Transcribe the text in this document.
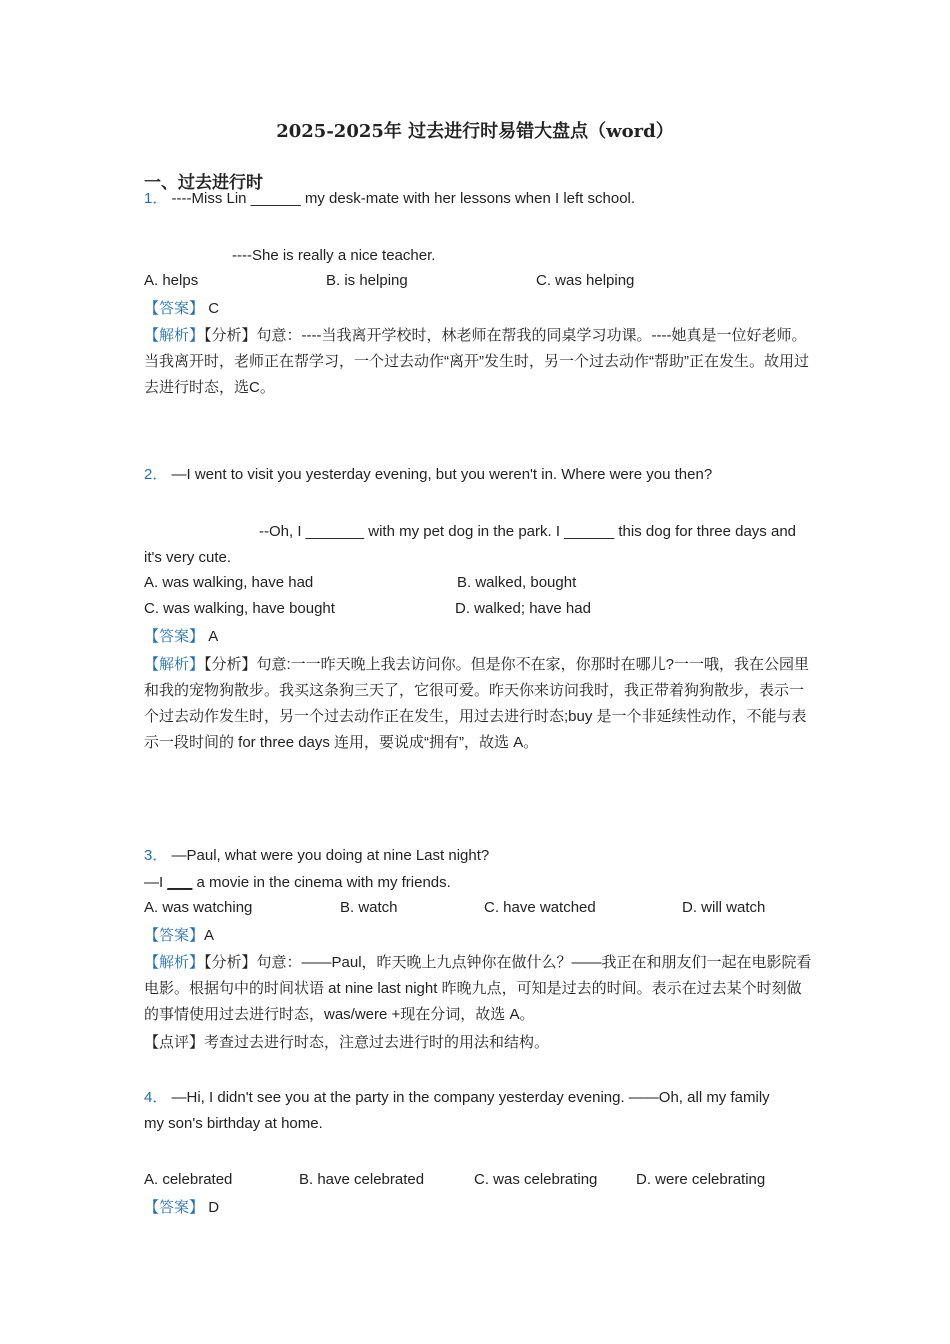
2025-2025年 过去进行时易错大盘点（word）
一、过去进行时
1． ----Miss Lin ______ my desk-mate with her lessons when I left school.
----She is really a nice teacher.
A. helps	B. is helping	C. was helping
【答案】 C
【解析】【分析】句意：----当我离开学校时，林老师在帮我的同桌学习功课。----她真是一位好老师。当我离开时，老师正在帮学习，一个过去动作“离开”发生时，另一个过去动作“帮助”正在发生。故用过去进行时态，选C。
2． —I went to visit you yesterday evening, but you weren't in. Where were you then?
--Oh, I _______ with my pet dog in the park. I ______ this dog for three days and
it's very cute.
A. was walking, have had	B. walked, bought
C. was walking, have bought	D. walked; have had
【答案】 A
【解析】【分析】句意:一一昨天晚上我去访问你。但是你不在家，你那时在哪儿?一一哦，我在公园里和我的宠物狗散步。我买这条狗三天了，它很可爱。昨天你来访问我时，我正带着狗狗散步，表示一个过去动作发生时，另一个过去动作正在发生，用过去进行时态;buy 是一个非延续性动作，不能与表示一段时间的 for three days 连用，要说成“拥有”，故选 A。
3． —Paul, what were you doing at nine Last night?
—I ___ a movie in the cinema with my friends.
A. was watching	B. watch	C. have watched	D. will watch
【答案】A
【解析】【分析】句意：——Paul，昨天晚上九点钟你在做什么？——我正在和朋友们一起在电影院看电影。根据句中的时间状语 at nine last night 昨晚九点，可知是过去的时间。表示在过去某个时刻做的事情使用过去进行时态，was/were +现在分词，故选 A。
【点评】考查过去进行时态，注意过去进行时的用法和结构。
4． —Hi, I didn't see you at the party in the company yesterday evening. ——Oh, all my family
my son's birthday at home.
A. celebrated	B. have celebrated	C. was celebrating	D. were celebrating
【答案】 D
